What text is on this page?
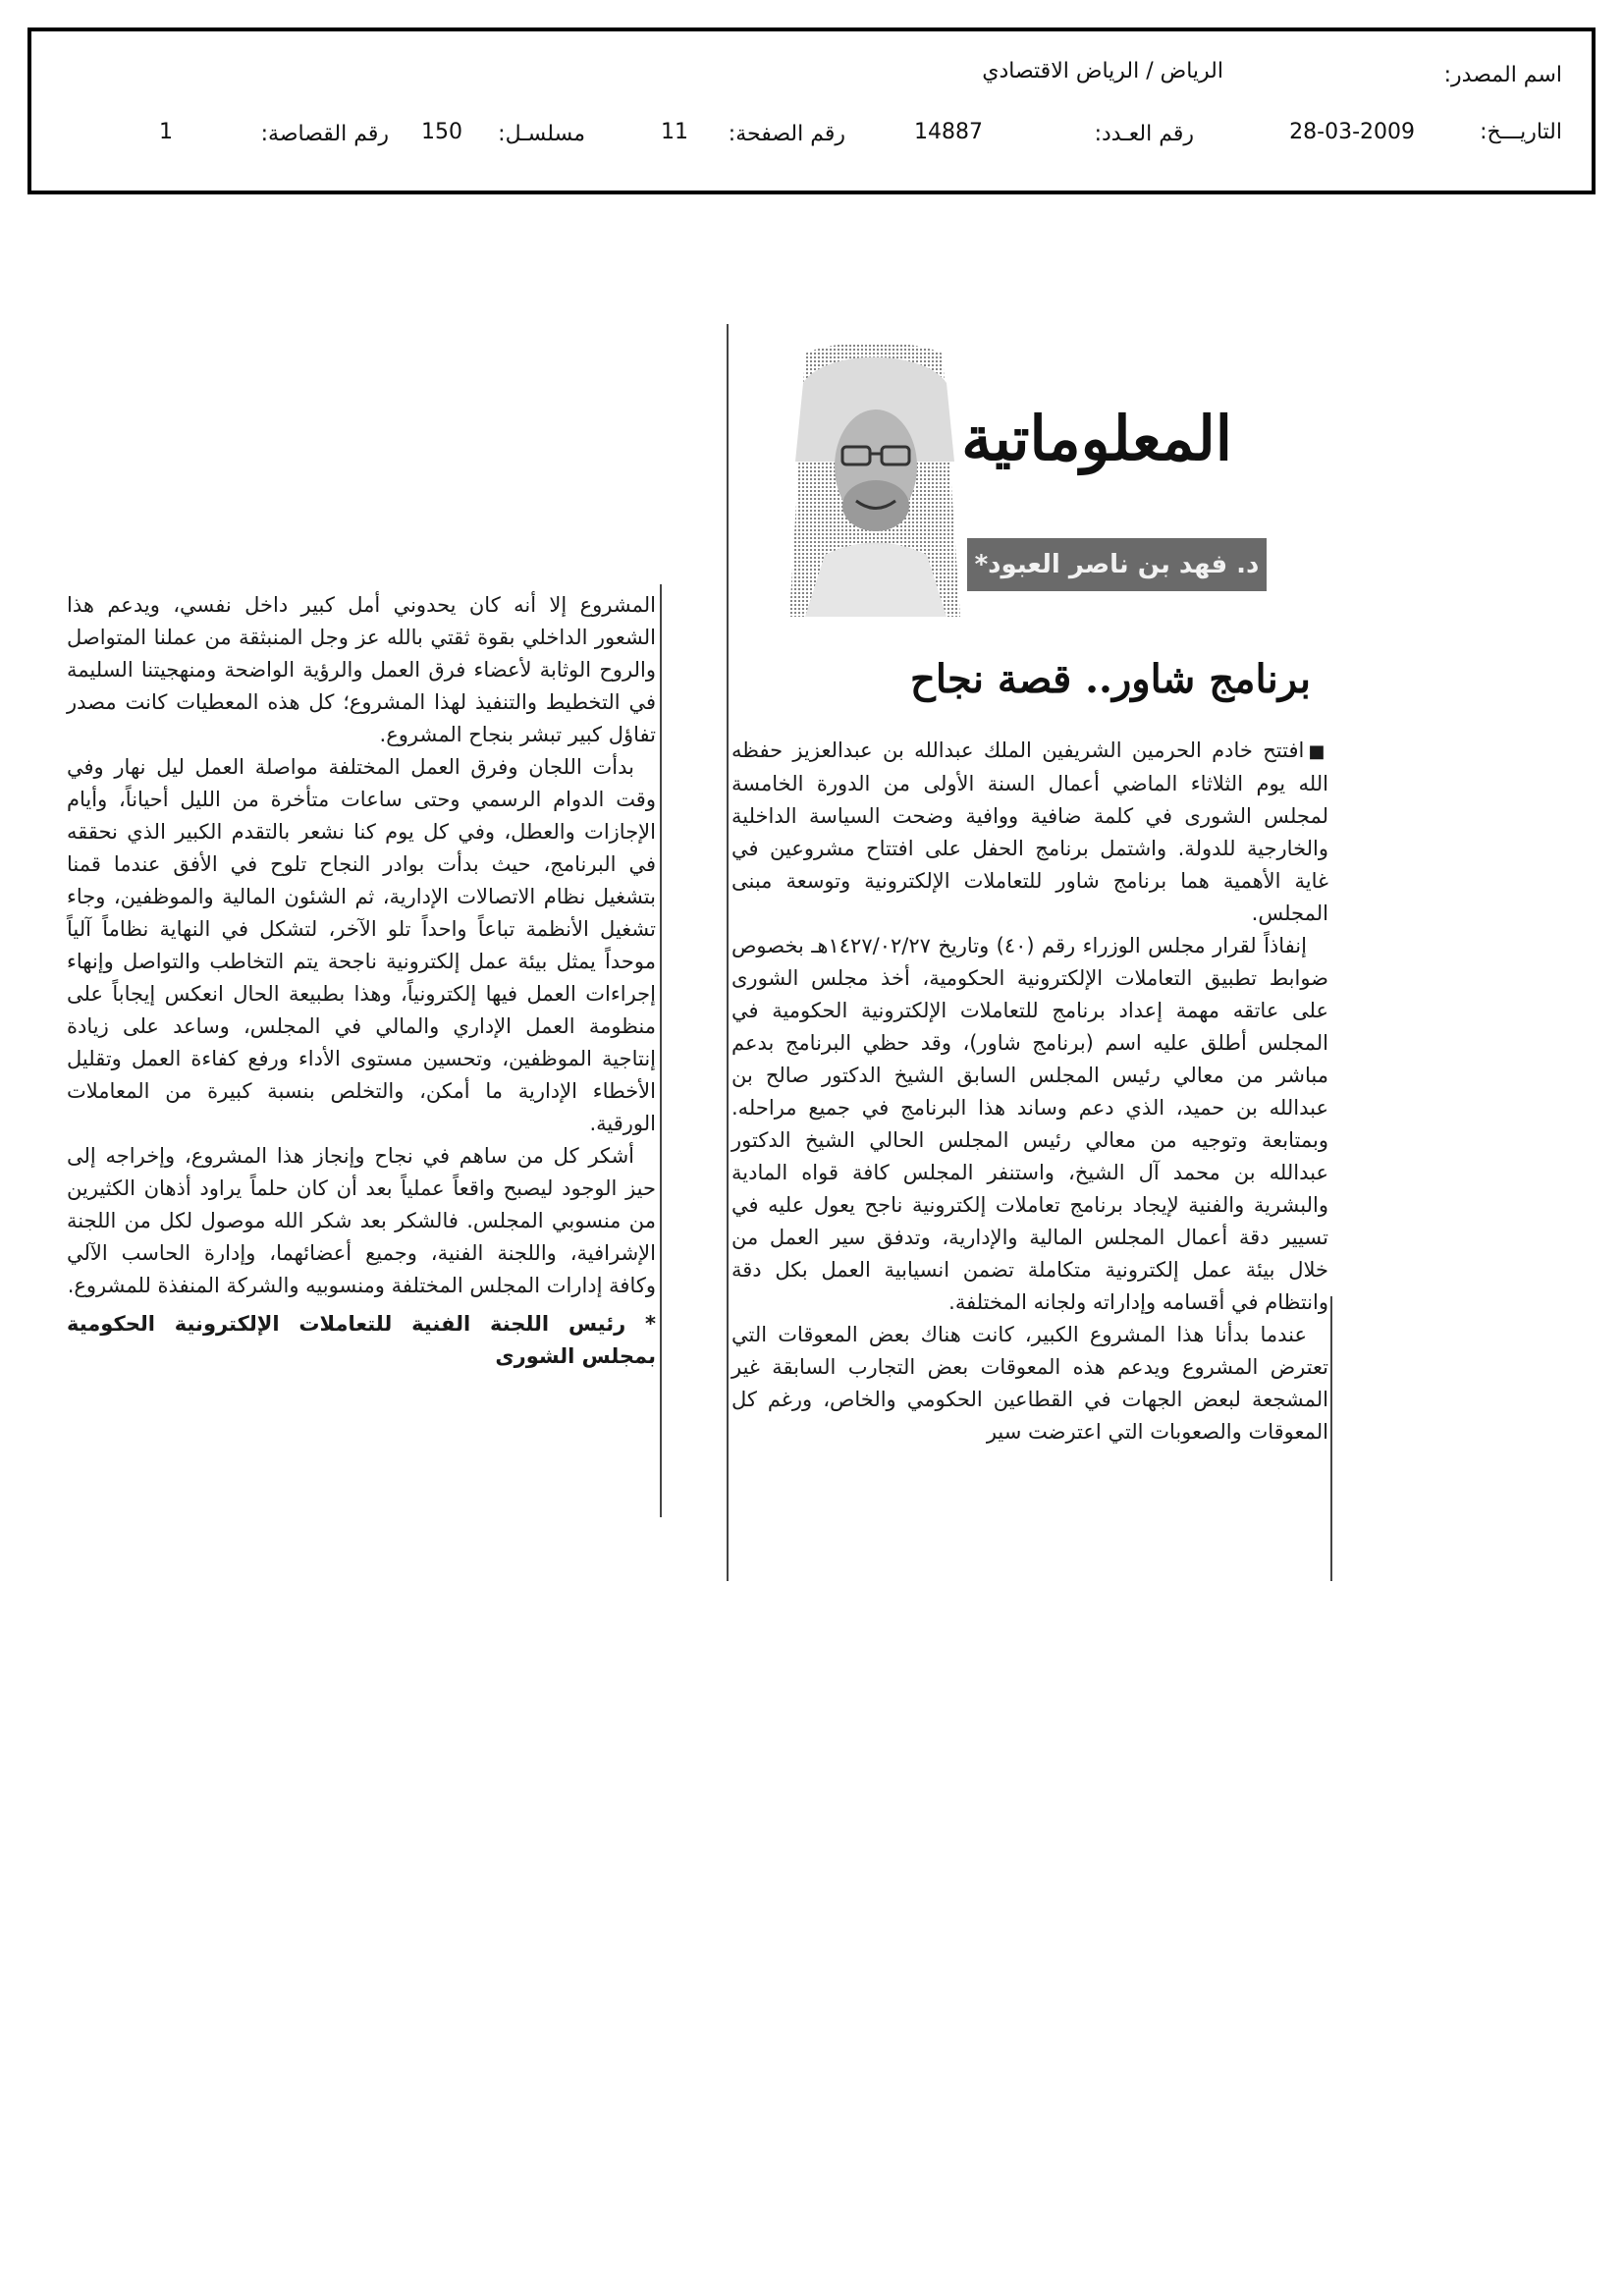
اسم المصدر:
الرياض / الرياض الاقتصادي
التاريـــخ:
28-03-2009
رقم العـدد:
14887
رقم الصفحة:
11
مسلسـل:
150
رقم القصاصة:
1
المعلوماتية
د. فهد بن ناصر العبود*
برنامج شاور.. قصة نجاح

■افتتح خادم الحرمين الشريفين الملك عبدالله بن عبدالعزيز حفظه الله يوم الثلاثاء الماضي أعمال السنة الأولى من الدورة الخامسة لمجلس الشورى في كلمة ضافية ووافية وضحت السياسة الداخلية والخارجية للدولة. واشتمل برنامج الحفل على افتتاح مشروعين في غاية الأهمية هما برنامج شاور للتعاملات الإلكترونية وتوسعة مبنى المجلس.

إنفاذاً لقرار مجلس الوزراء رقم (٤٠) وتاريخ ١٤٢٧/٠٢/٢٧هـ بخصوص ضوابط تطبيق التعاملات الإلكترونية الحكومية، أخذ مجلس الشورى على عاتقه مهمة إعداد برنامج للتعاملات الإلكترونية الحكومية في المجلس أطلق عليه اسم (برنامج شاور)، وقد حظي البرنامج بدعم مباشر من معالي رئيس المجلس السابق الشيخ الدكتور صالح بن عبدالله بن حميد، الذي دعم وساند هذا البرنامج في جميع مراحله. وبمتابعة وتوجيه من معالي رئيس المجلس الحالي الشيخ الدكتور عبدالله بن محمد آل الشيخ، واستنفر المجلس كافة قواه المادية والبشرية والفنية لإيجاد برنامج تعاملات إلكترونية ناجح يعول عليه في تسيير دقة أعمال المجلس المالية والإدارية، وتدفق سير العمل من خلال بيئة عمل إلكترونية متكاملة تضمن انسيابية العمل بكل دقة وانتظام في أقسامه وإداراته ولجانه المختلفة.

عندما بدأنا هذا المشروع الكبير، كانت هناك بعض المعوقات التي تعترض المشروع ويدعم هذه المعوقات بعض التجارب السابقة غير المشجعة لبعض الجهات في القطاعين الحكومي والخاص، ورغم كل المعوقات والصعوبات التي اعترضت سير

المشروع إلا أنه كان يحدوني أمل كبير داخل نفسي، ويدعم هذا الشعور الداخلي بقوة ثقتي بالله عز وجل المنبثقة من عملنا المتواصل والروح الوثابة لأعضاء فرق العمل والرؤية الواضحة ومنهجيتنا السليمة في التخطيط والتنفيذ لهذا المشروع؛ كل هذه المعطيات كانت مصدر تفاؤل كبير تبشر بنجاح المشروع.

بدأت اللجان وفرق العمل المختلفة مواصلة العمل ليل نهار وفي وقت الدوام الرسمي وحتى ساعات متأخرة من الليل أحياناً، وأيام الإجازات والعطل، وفي كل يوم كنا نشعر بالتقدم الكبير الذي نحققه في البرنامج، حيث بدأت بوادر النجاح تلوح في الأفق عندما قمنا بتشغيل نظام الاتصالات الإدارية، ثم الشئون المالية والموظفين، وجاء تشغيل الأنظمة تباعاً واحداً تلو الآخر، لتشكل في النهاية نظاماً آلياً موحداً يمثل بيئة عمل إلكترونية ناجحة يتم التخاطب والتواصل وإنهاء إجراءات العمل فيها إلكترونياً، وهذا بطبيعة الحال انعكس إيجاباً على منظومة العمل الإداري والمالي في المجلس، وساعد على زيادة إنتاجية الموظفين، وتحسين مستوى الأداء ورفع كفاءة العمل وتقليل الأخطاء الإدارية ما أمكن، والتخلص بنسبة كبيرة من المعاملات الورقية.

أشكر كل من ساهم في نجاح وإنجاز هذا المشروع، وإخراجه إلى حيز الوجود ليصبح واقعاً عملياً بعد أن كان حلماً يراود أذهان الكثيرين من منسوبي المجلس. فالشكر بعد شكر الله موصول لكل من اللجنة الإشرافية، واللجنة الفنية، وجميع أعضائهما، وإدارة الحاسب الآلي وكافة إدارات المجلس المختلفة ومنسوبيه والشركة المنفذة للمشروع.

* رئيس اللجنة الفنية للتعاملات الإلكترونية الحكومية بمجلس الشورى
